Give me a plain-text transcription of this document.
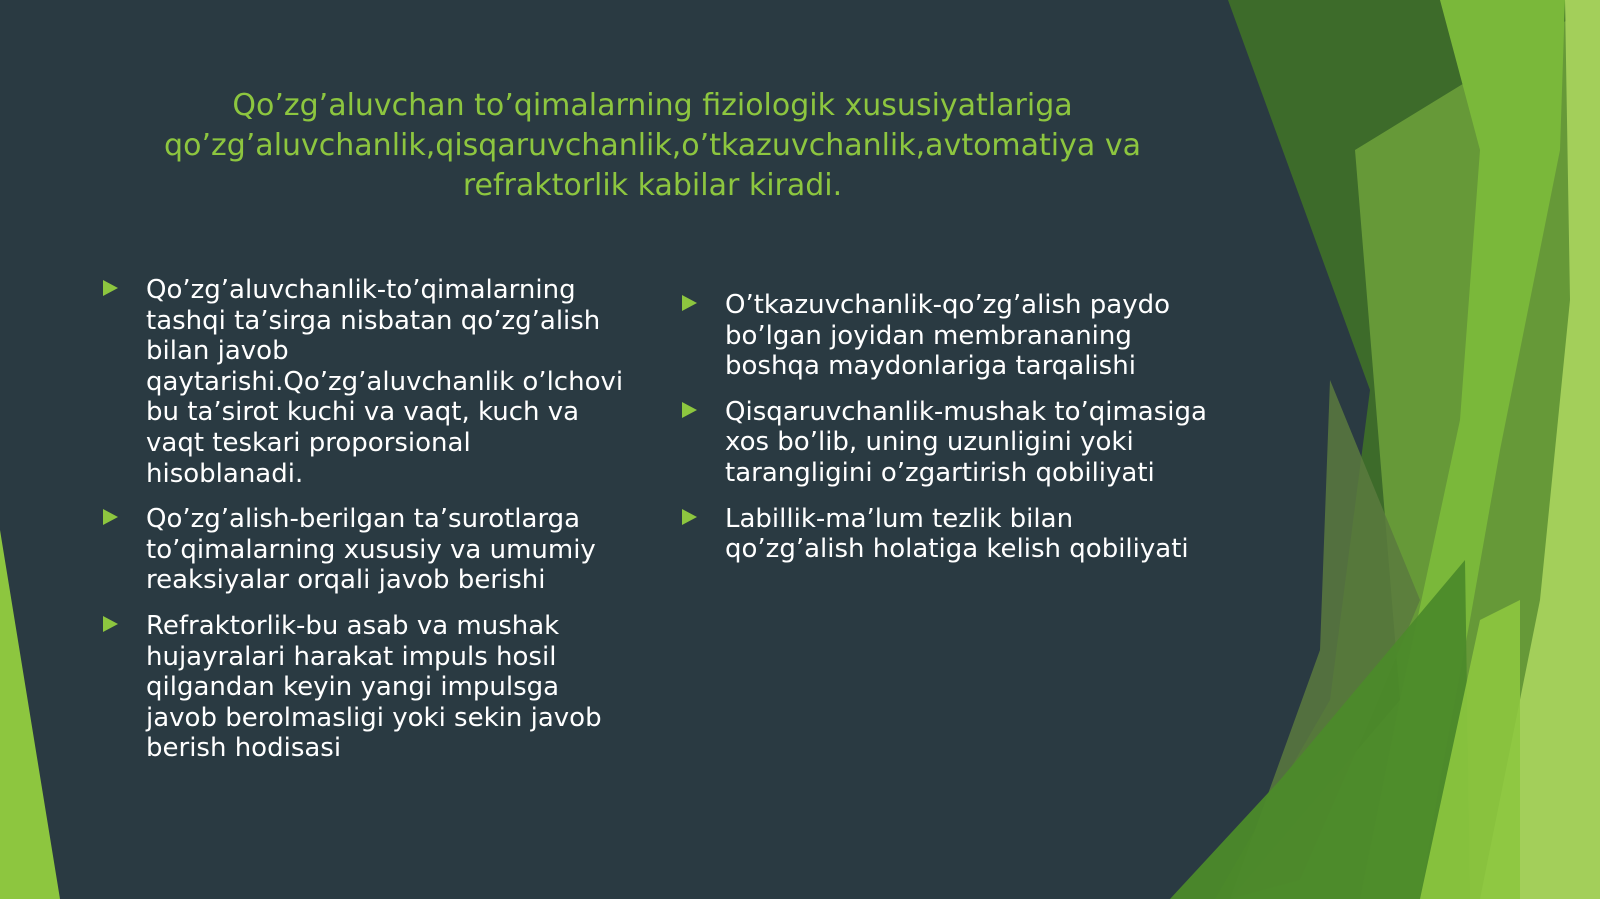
Qo’zg’aluvchan to’qimalarning fiziologik xususiyatlariga qo’zg’aluvchanlik,qisqaruvchanlik,o’tkazuvchanlik,avtomatiya va refraktorlik kabilar kiradi.
Qo’zg’aluvchanlik-to’qimalarning tashqi ta’sirga nisbatan qo’zg’alish bilan javob qaytarishi.Qo’zg’aluvchanlik o’lchovi bu ta’sirot kuchi va vaqt, kuch va vaqt teskari proporsional hisoblanadi.
Qo’zg’alish-berilgan ta’surotlarga to’qimalarning xususiy va umumiy reaksiyalar orqali javob berishi
Refraktorlik-bu asab va mushak hujayralari harakat impuls hosil qilgandan keyin yangi impulsga javob berolmasligi yoki sekin javob berish hodisasi
O’tkazuvchanlik-qo’zg’alish paydo bo’lgan joyidan membrananing boshqa maydonlariga tarqalishi
Qisqaruvchanlik-mushak to’qimasiga xos bo’lib, uning uzunligini yoki tarangligini o’zgartirish qobiliyati
Labillik-ma’lum tezlik bilan qo’zg’alish holatiga kelish qobiliyati
